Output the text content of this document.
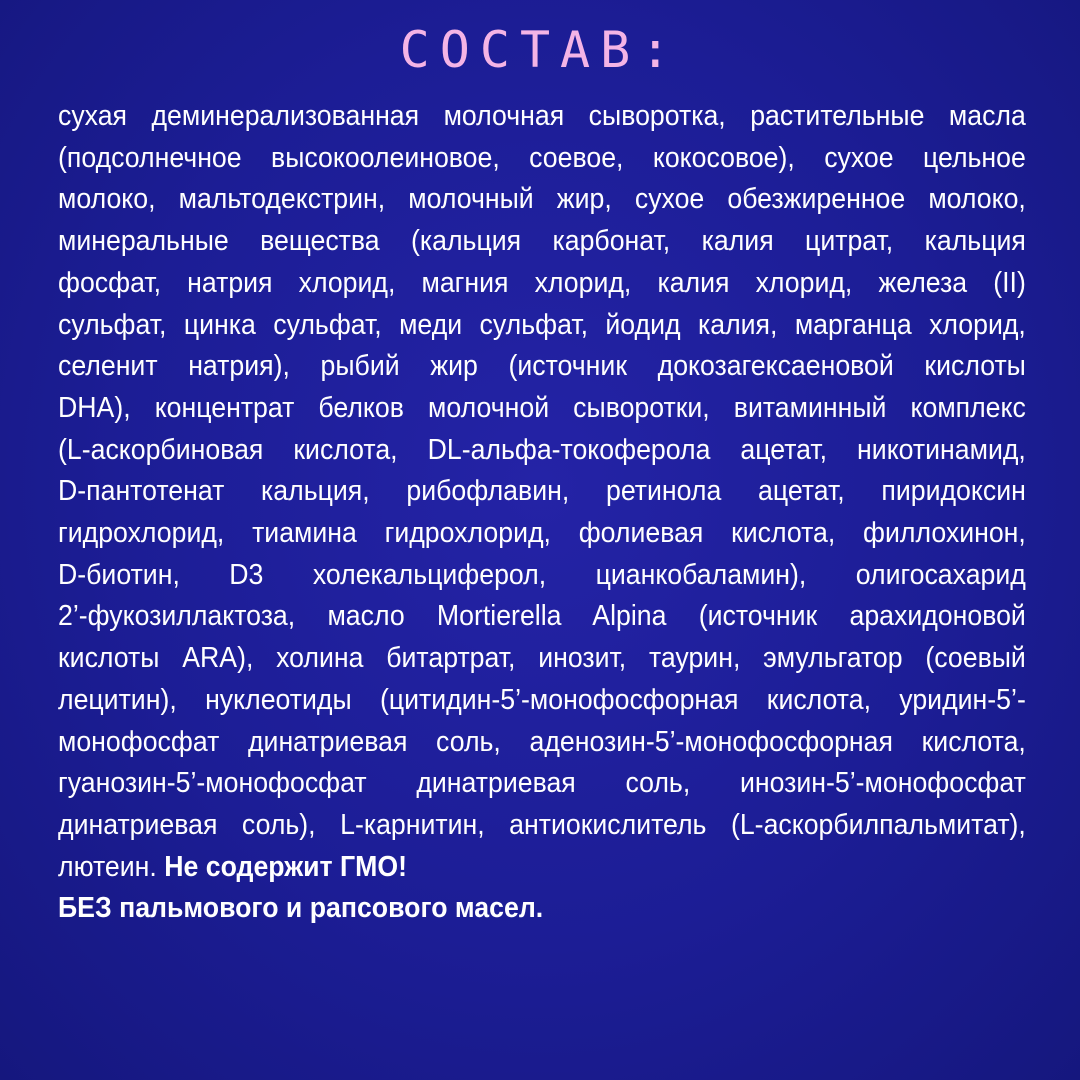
СОСТАВ:
сухая деминерализованная молочная сыворотка, растительные масла
(подсолнечное высокоолеиновое, соевое, кокосовое), сухое цельное
молоко, мальтодекстрин, молочный жир, сухое обезжиренное молоко,
минеральные вещества (кальция карбонат, калия цитрат, кальция
фосфат, натрия хлорид, магния хлорид, калия хлорид, железа (II)
сульфат, цинка сульфат, меди сульфат, йодид калия, марганца хлорид,
селенит натрия), рыбий жир (источник докозагексаеновой кислоты
DHA), концентрат белков молочной сыворотки, витаминный комплекс
(L-аскорбиновая кислота, DL-альфа-токоферола ацетат, никотинамид,
D-пантотенат кальция, рибофлавин, ретинола ацетат, пиридоксин
гидрохлорид, тиамина гидрохлорид, фолиевая кислота, филлохинон,
D-биотин, D3 холекальциферол, цианкобаламин), олигосахарид
2’-фукозиллактоза, масло Mortierella Alpina (источник арахидоновой
кислоты ARA), холина битартрат, инозит, таурин, эмульгатор (соевый
лецитин), нуклеотиды (цитидин-5’-монофосфорная кислота, уридин-5’-
монофосфат динатриевая соль, аденозин-5’-монофосфорная кислота,
гуанозин-5’-монофосфат динатриевая соль, инозин-5’-монофосфат
динатриевая соль), L-карнитин, антиокислитель (L-аскорбилпальмитат),
лютеин. Не содержит ГМО!
БЕЗ пальмового и рапсового масел.
